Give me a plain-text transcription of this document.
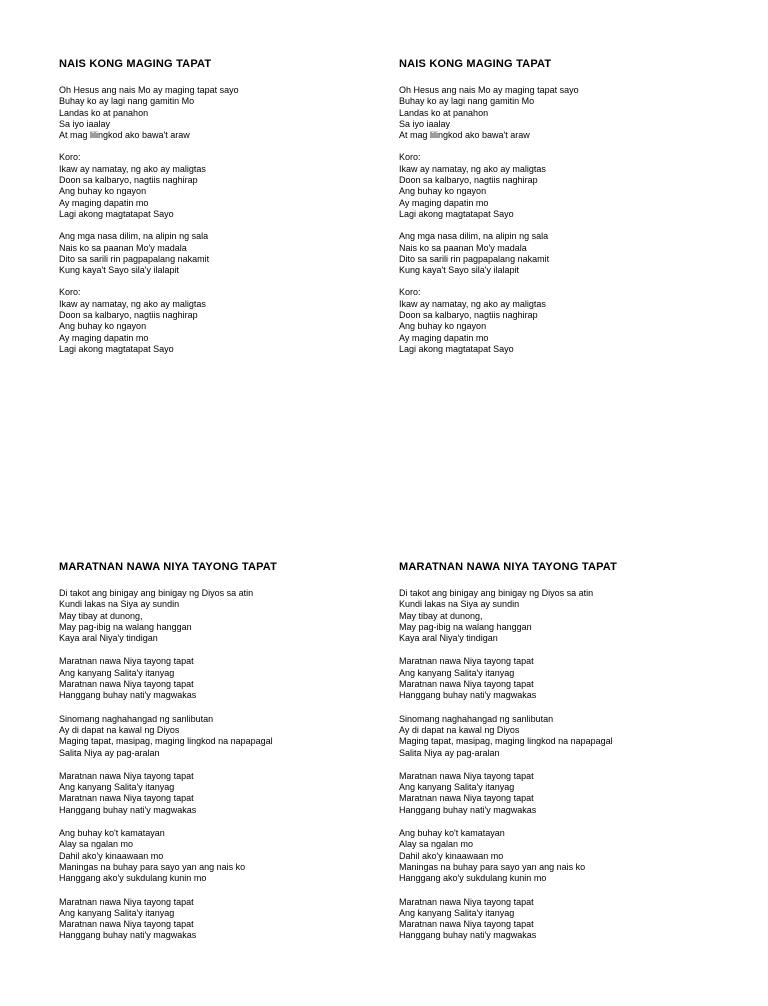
NAIS KONG MAGING TAPAT
Oh Hesus ang nais Mo ay maging tapat sayo
Buhay ko ay lagi nang gamitin Mo
Landas ko at panahon
Sa iyo iaalay
At mag lilingkod ako bawa't araw
Koro:
Ikaw ay namatay, ng ako ay maligtas
Doon sa kalbaryo, nagtiis naghirap
Ang buhay ko ngayon
Ay maging dapatin mo
Lagi akong magtatapat Sayo
Ang mga nasa dilim, na alipin ng sala
Nais ko sa paanan Mo'y madala
Dito sa sarili rin pagpapalang nakamit
Kung kaya't Sayo sila'y ilalapit
Koro:
Ikaw ay namatay, ng ako ay maligtas
Doon sa kalbaryo, nagtiis naghirap
Ang buhay ko ngayon
Ay maging dapatin mo
Lagi akong magtatapat Sayo
NAIS KONG MAGING TAPAT
Oh Hesus ang nais Mo ay maging tapat sayo
Buhay ko ay lagi nang gamitin Mo
Landas ko at panahon
Sa iyo iaalay
At mag lilingkod ako bawa't araw
Koro:
Ikaw ay namatay, ng ako ay maligtas
Doon sa kalbaryo, nagtiis naghirap
Ang buhay ko ngayon
Ay maging dapatin mo
Lagi akong magtatapat Sayo
Ang mga nasa dilim, na alipin ng sala
Nais ko sa paanan Mo'y madala
Dito sa sarili rin pagpapalang nakamit
Kung kaya't Sayo sila'y ilalapit
Koro:
Ikaw ay namatay, ng ako ay maligtas
Doon sa kalbaryo, nagtiis naghirap
Ang buhay ko ngayon
Ay maging dapatin mo
Lagi akong magtatapat Sayo
MARATNAN NAWA NIYA TAYONG TAPAT
Di takot ang binigay ang binigay ng Diyos sa atin
Kundi lakas na Siya ay sundin
May tibay at dunong,
May pag-ibig na walang hanggan
Kaya aral Niya'y tindigan
Maratnan nawa Niya tayong tapat
Ang kanyang Salita'y itanyag
Maratnan nawa Niya tayong tapat
Hanggang buhay nati'y magwakas
Sinomang naghahangad ng sanlibutan
Ay di dapat na kawal ng Diyos
Maging tapat, masipag, maging lingkod na napapagal
Salita Niya ay pag-aralan
Maratnan nawa Niya tayong tapat
Ang kanyang Salita'y itanyag
Maratnan nawa Niya tayong tapat
Hanggang buhay nati'y magwakas
Ang buhay ko't kamatayan
Alay sa ngalan mo
Dahil ako'y kinaawaan mo
Maningas na buhay para sayo yan ang nais ko
Hanggang ako'y sukdulang kunin mo
Maratnan nawa Niya tayong tapat
Ang kanyang Salita'y itanyag
Maratnan nawa Niya tayong tapat
Hanggang buhay nati'y magwakas
MARATNAN NAWA NIYA TAYONG TAPAT
Di takot ang binigay ang binigay ng Diyos sa atin
Kundi lakas na Siya ay sundin
May tibay at dunong,
May pag-ibig na walang hanggan
Kaya aral Niya'y tindigan
Maratnan nawa Niya tayong tapat
Ang kanyang Salita'y itanyag
Maratnan nawa Niya tayong tapat
Hanggang buhay nati'y magwakas
Sinomang naghahangad ng sanlibutan
Ay di dapat na kawal ng Diyos
Maging tapat, masipag, maging lingkod na napapagal
Salita Niya ay pag-aralan
Maratnan nawa Niya tayong tapat
Ang kanyang Salita'y itanyag
Maratnan nawa Niya tayong tapat
Hanggang buhay nati'y magwakas
Ang buhay ko't kamatayan
Alay sa ngalan mo
Dahil ako'y kinaawaan mo
Maningas na buhay para sayo yan ang nais ko
Hanggang ako'y sukdulang kunin mo
Maratnan nawa Niya tayong tapat
Ang kanyang Salita'y itanyag
Maratnan nawa Niya tayong tapat
Hanggang buhay nati'y magwakas
